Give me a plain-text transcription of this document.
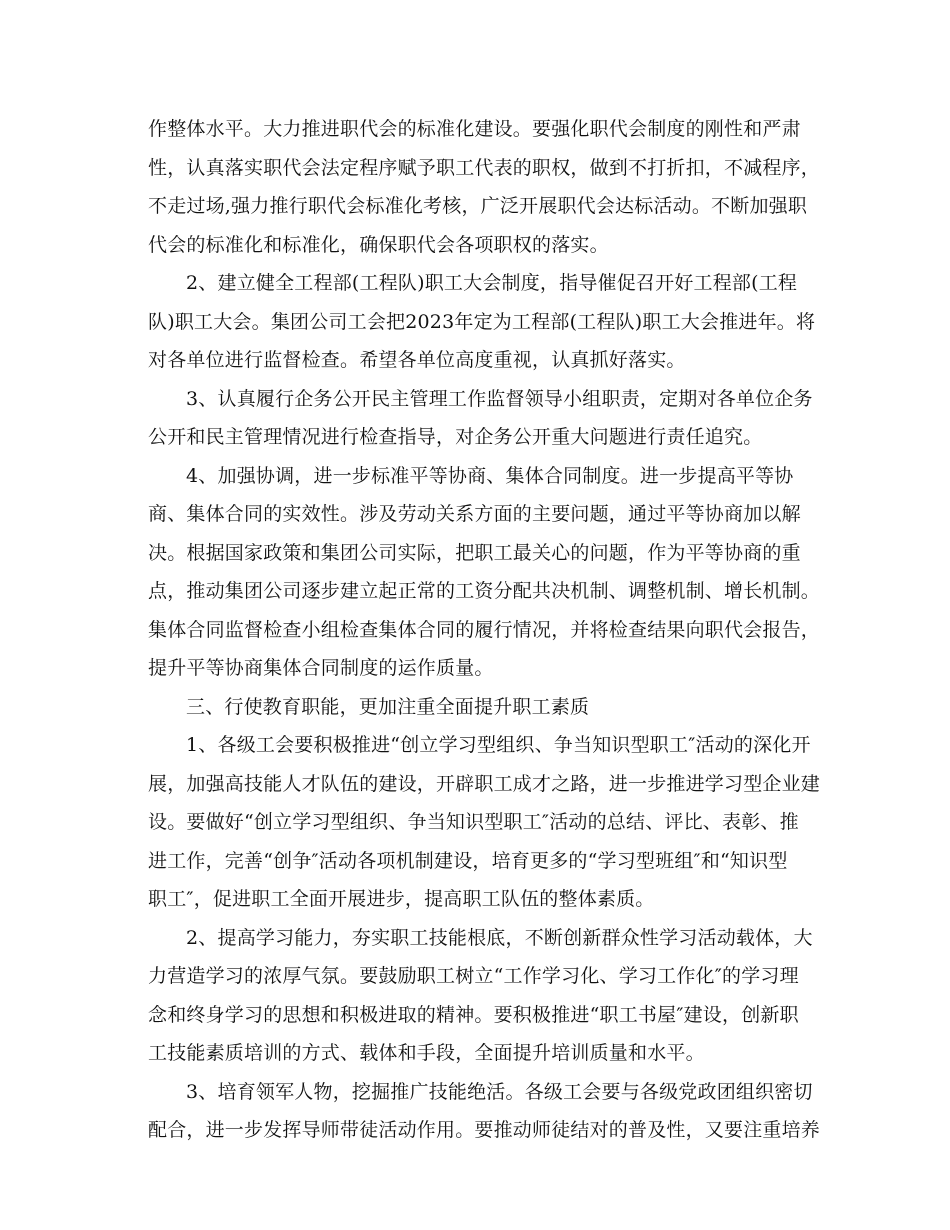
作整体水平。大力推进职代会的标准化建设。要强化职代会制度的刚性和严肃
性，认真落实职代会法定程序赋予职工代表的职权，做到不打折扣，不减程序，
不走过场,强力推行职代会标准化考核，广泛开展职代会达标活动。不断加强职
代会的标准化和标准化，确保职代会各项职权的落实。
2、建立健全工程部(工程队)职工大会制度，指导催促召开好工程部(工程
队)职工大会。集团公司工会把2023年定为工程部(工程队)职工大会推进年。将
对各单位进行监督检查。希望各单位高度重视，认真抓好落实。
3、认真履行企务公开民主管理工作监督领导小组职责，定期对各单位企务
公开和民主管理情况进行检查指导，对企务公开重大问题进行责任追究。
4、加强协调，进一步标准平等协商、集体合同制度。进一步提高平等协
商、集体合同的实效性。涉及劳动关系方面的主要问题，通过平等协商加以解
决。根据国家政策和集团公司实际，把职工最关心的问题，作为平等协商的重
点，推动集团公司逐步建立起正常的工资分配共决机制、调整机制、增长机制。
集体合同监督检查小组检查集体合同的履行情况，并将检查结果向职代会报告，
提升平等协商集体合同制度的运作质量。
三、行使教育职能，更加注重全面提升职工素质
1、各级工会要积极推进“创立学习型组织、争当知识型职工″活动的深化开
展，加强高技能人才队伍的建设，开辟职工成才之路，进一步推进学习型企业建
设。要做好“创立学习型组织、争当知识型职工″活动的总结、评比、表彰、推
进工作，完善“创争″活动各项机制建设，培育更多的“学习型班组″和“知识型
职工″，促进职工全面开展进步，提高职工队伍的整体素质。
2、提高学习能力，夯实职工技能根底，不断创新群众性学习活动载体，大
力营造学习的浓厚气氛。要鼓励职工树立“工作学习化、学习工作化″的学习理
念和终身学习的思想和积极进取的精神。要积极推进“职工书屋″建设，创新职
工技能素质培训的方式、载体和手段，全面提升培训质量和水平。
3、培育领军人物，挖掘推广技能绝活。各级工会要与各级党政团组织密切
配合，进一步发挥导师带徒活动作用。要推动师徒结对的普及性，又要注重培养
